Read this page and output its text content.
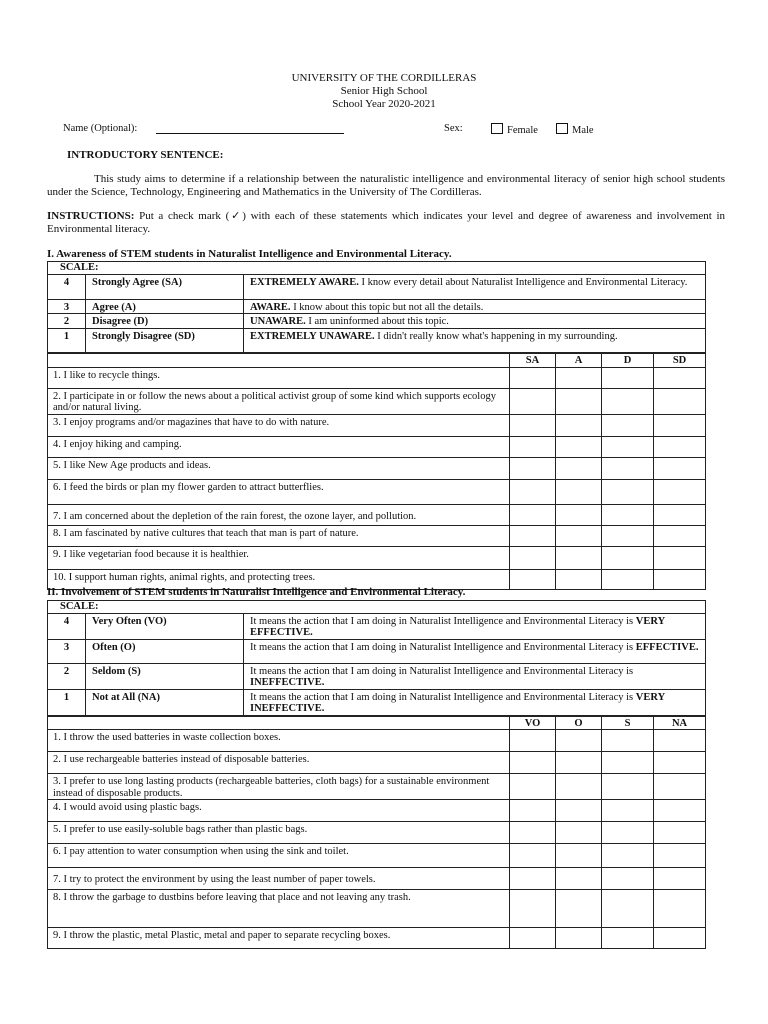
UNIVERSITY OF THE CORDILLERAS
Senior High School
School Year 2020-2021
Name (Optional):	Sex:	Female	Male
INTRODUCTORY SENTENCE:
This study aims to determine if a relationship between the naturalistic intelligence and environmental literacy of senior high school students under the Science, Technology, Engineering and Mathematics in the University of The Cordilleras.
INSTRUCTIONS: Put a check mark (✓) with each of these statements which indicates your level and degree of awareness and involvement in Environmental literacy.
I. Awareness of STEM students in Naturalist Intelligence and Environmental Literacy.
SCALE:						
4	Strongly Agree (SA)	EXTREMELY AWARE. I know every detail about Naturalist Intelligence and Environmental Literacy.				
3	Agree (A)	AWARE. I know about this topic but not all the details.				
2	Disagree (D)	UNAWARE. I am uninformed about this topic.				
1	Strongly Disagree (SD)	EXTREMELY UNAWARE. I didn't really know what's happening in my surrounding.				
			SA	A	D	SD
1. I like to recycle things.						
2. I participate in or follow the news about a political activist group of some kind which supports ecology and/or natural living.						
3. I enjoy programs and/or magazines that have to do with nature.						
4. I enjoy hiking and camping.						
5. I like New Age products and ideas.						
6. I feed the birds or plan my flower garden to attract butterflies.						
7. I am concerned about the depletion of the rain forest, the ozone layer, and pollution.						
8. I am fascinated by native cultures that teach that man is part of nature.						
9. I like vegetarian food because it is healthier.						
10. I support human rights, animal rights, and protecting trees.						
II. Involvement of STEM students in Naturalist Intelligence and Environmental Literacy.
SCALE:						
4	Very Often (VO)	It means the action that I am doing in Naturalist Intelligence and Environmental Literacy is VERY EFFECTIVE.				
3	Often (O)	It means the action that I am doing in Naturalist Intelligence and Environmental Literacy is EFFECTIVE.				
2	Seldom (S)	It means the action that I am doing in Naturalist Intelligence and Environmental Literacy is INEFFECTIVE.				
1	Not at All (NA)	It means the action that I am doing in Naturalist Intelligence and Environmental Literacy is VERY INEFFECTIVE.				
			VO	O	S	NA
1. I throw the used batteries in waste collection boxes.						
2. I use rechargeable batteries instead of disposable batteries.						
3. I prefer to use long lasting products (rechargeable batteries, cloth bags) for a sustainable environment instead of disposable products.						
4. I would avoid using plastic bags.						
5. I prefer to use easily-soluble bags rather than plastic bags.						
6. I pay attention to water consumption when using the sink and toilet.						
7. I try to protect the environment by using the least number of paper towels.						
8. I throw the garbage to dustbins before leaving that place and not leaving any trash.						
9. I throw the plastic, metal Plastic, metal and paper to separate recycling boxes.						
